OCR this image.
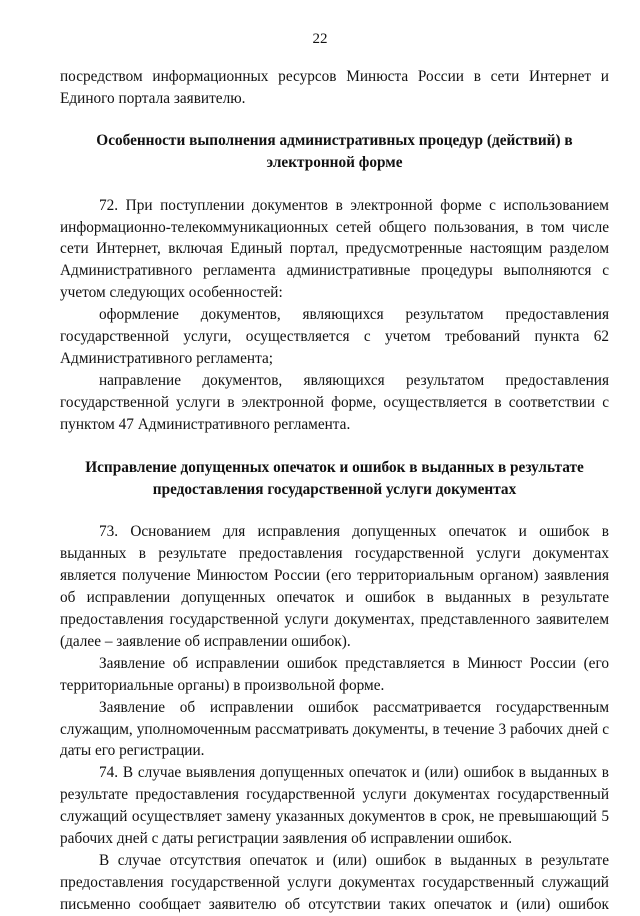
22

посредством информационных ресурсов Минюста России в сети Интернет и Единого портала заявителю.

Особенности выполнения административных процедур (действий) в электронной форме

72. При поступлении документов в электронной форме с использованием информационно-телекоммуникационных сетей общего пользования, в том числе сети Интернет, включая Единый портал, предусмотренные настоящим разделом Административного регламента административные процедуры выполняются с учетом следующих особенностей:

оформление документов, являющихся результатом предоставления государственной услуги, осуществляется с учетом требований пункта 62 Административного регламента;

направление документов, являющихся результатом предоставления государственной услуги в электронной форме, осуществляется в соответствии с пунктом 47 Административного регламента.

Исправление допущенных опечаток и ошибок в выданных в результате предоставления государственной услуги документах

73. Основанием для исправления допущенных опечаток и ошибок в выданных в результате предоставления государственной услуги документах является получение Минюстом России (его территориальным органом) заявления об исправлении допущенных опечаток и ошибок в выданных в результате предоставления государственной услуги документах, представленного заявителем (далее – заявление об исправлении ошибок).

Заявление об исправлении ошибок представляется в Минюст России (его территориальные органы) в произвольной форме.

Заявление об исправлении ошибок рассматривается государственным служащим, уполномоченным рассматривать документы, в течение 3 рабочих дней с даты его регистрации.

74. В случае выявления допущенных опечаток и (или) ошибок в выданных в результате предоставления государственной услуги документах государственный служащий осуществляет замену указанных документов в срок, не превышающий 5 рабочих дней с даты регистрации заявления об исправлении ошибок.

В случае отсутствия опечаток и (или) ошибок в выданных в результате предоставления государственной услуги документах государственный служащий письменно сообщает заявителю об отсутствии таких опечаток и (или) ошибок
